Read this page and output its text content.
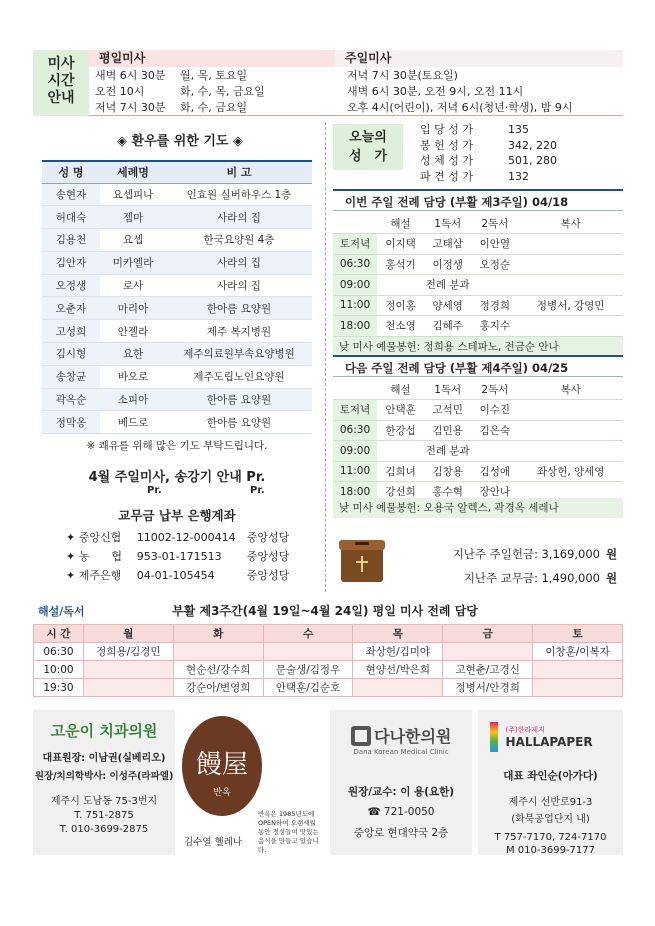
미사
시간
안내
평일미사	주일미사
새벽 6시 30분 월, 목, 토요일
오전 10시	화, 수, 목, 금요일
저녁 7시 30분 화, 수, 금요일
저녁 7시 30분(토요일)
새벽 6시 30분, 오전 9시, 오전 11시
오후 4시(어린이), 저녁 6시(청년·학생), 밤 9시
◈ 환우를 위한 기도 ◈
성 명	세례명	비 고
송현자	요셉피나	인효원 실버하우스 1층
허대숙	젬마	사라의 집
김용천	요셉	한국요양원 4층
김안자	미카엘라	사라의 집
오정생	로사	사라의 집
오춘자	마리아	한아름 요양원
고성희	안젤라	제주 복지병원
김시형	요한	제주의료원부속요양병원
송창균	바오로	제주도립노인요양원
곽옥순	소피아	한아름 요양원
정막옹	베드로	한아름 요양원
※ 쾌유를 위해 많은 기도 부탁드립니다.
4월 주일미사, 송강기 안내 Pr.
Pr.	Pr.
교무금 납부 은행계좌
✦ 중앙신협 11002-12-000414 중앙성당
✦ 농　　협 953-01-171513 중앙성당
✦ 제주은행 04-01-105454	중앙성당
오늘의
성　가
입 당 성 가	135
봉 헌 성 가	342, 220
성 체 성 가	501, 280
파 견 성 가	132
이번 주일 전례 담당 (부활 제3주일) 04/18
	해설	1독서	2독서	복사
토저녁	이지택	고태삼	이안열	
06:30	홍석기	이정생	오정순	
09:00	전례 분과			
11:00	정이홍	양세영	정경희	정병서, 강영민
18:00	천소영	김혜주	홍지수	
낮 미사 예물봉헌: 정희용 스테파노, 전금순 안나
다음 주일 전례 담당 (부활 제4주일) 04/25
	해설	1독서	2독서	복사
토저녁	안택훈	고석민	이수진	
06:30	한강섭	김민용	김은숙	
09:00	전례 분과			
11:00	김희녀	김창용	김성애	좌상헌, 양세영
18:00	강선희	홍수혁	장안나	
낮 미사 예물봉헌: 오용국 알렉스, 곽경옥 세레나
지난주 주일헌금: 3,169,000 원
지난주 교무금: 1,490,000 원
해설/독서	부활 제3주간(4월 19일~4월 24일) 평일 미사 전례 담당
시 간	월	화	수	목	금	토
06:30	정희용/김경민			좌상헌/김미야		이창훈/이복자
10:00		현순선/강수희	문술생/김정우	현양선/박은희	고현춘/고경신	
19:30		강순아/변영희	안택훈/김순호		정병서/안경희	
고운이 치과의원
대표원장: 이남권(실베리오)
원장/치의학박사: 이성주(라파엘)
제주시 도남동 75-3번지
T. 751-2875
T. 010-3699-2875
饅屋
반옥
김수열 헬레나
반옥은 1985년도에 OPEN하여 오랜세월 동안 정성들여 맛있는 음식을 만들고 있습니다.
다나한의원
Dana Korean Medical Clinic
원장/교수: 이 용(요한)
☎ 721-0050
중앙로 현대약국 2층

(주)한라제지
HALLAPAPER
대표 좌인순(아가다)
제주시 선반로91-3
(화북공업단지 내)
T 757-7170, 724-7170
M 010-3699-7177
